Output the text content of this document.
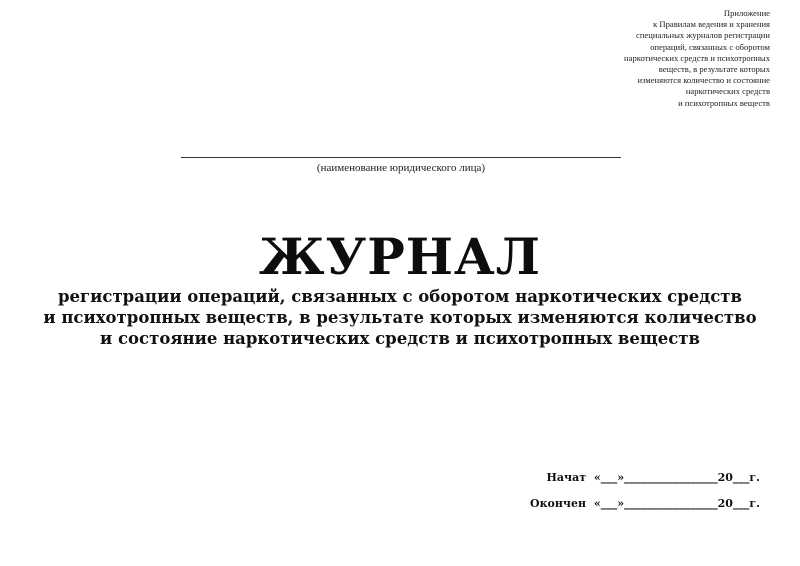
Приложение
к Правилам ведения и хранения
специальных журналов регистрации
операций, связанных с оборотом
наркотических средств и психотропных
веществ, в результате которых
изменяются количество и состояние
наркотических средств
и психотропных веществ
(наименование юридического лица)
ЖУРНАЛ
регистрации операций, связанных с оборотом наркотических средств
и психотропных веществ, в результате которых изменяются количество
и состояние наркотических средств и психотропных веществ
Начат «___»_________________20___г.
Окончен «___»_________________20___г.
